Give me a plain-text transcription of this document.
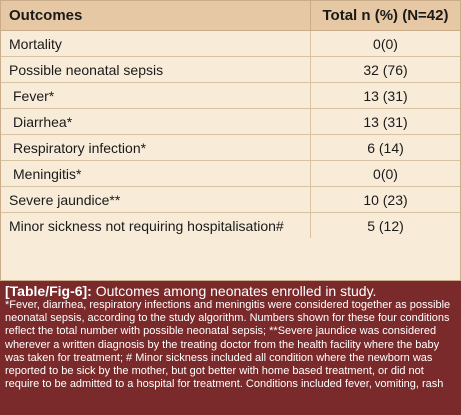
Outcomes	Total n (%) (N=42)
Mortality	0(0)
Possible neonatal sepsis	32 (76)
Fever*	13 (31)
Diarrhea*	13 (31)
Respiratory infection*	6 (14)
Meningitis*	0(0)
Severe jaundice**	10 (23)
Minor sickness not requiring hospitalisation#	5 (12)

[Table/Fig-6]: Outcomes among neonates enrolled in study.

*Fever, diarrhea, respiratory infections and meningitis were considered together as possible neonatal sepsis, according to the study algorithm. Numbers shown for these four conditions reflect the total number with possible neonatal sepsis; **Severe jaundice was considered wherever a written diagnosis by the treating doctor from the health facility where the baby was taken for treatment; # Minor sickness included all condition where the newborn was reported to be sick by the mother, but got better with home based treatment, or did not require to be admitted to a hospital for treatment. Conditions included fever, vomiting, rash
